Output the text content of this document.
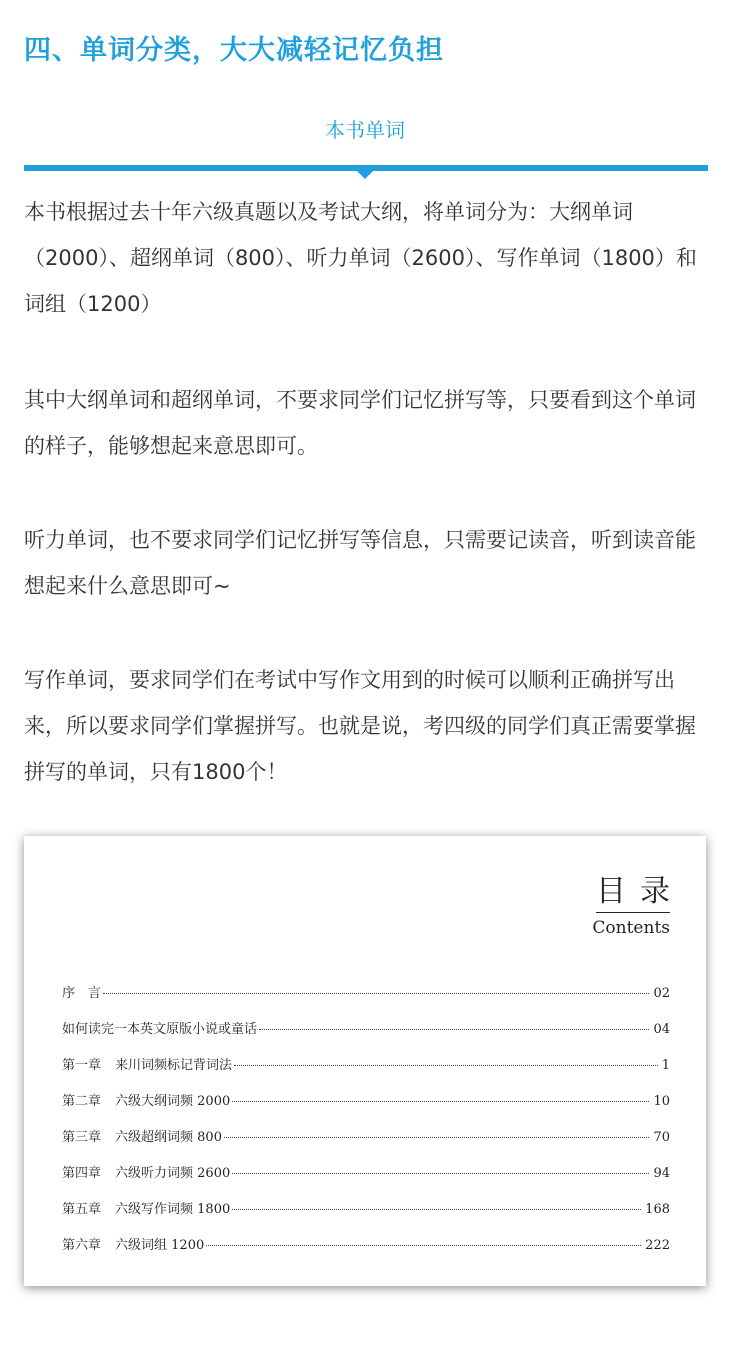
四、单词分类，大大减轻记忆负担
本书单词

本书根据过去十年六级真题以及考试大纲，将单词分为：大纲单词（2000）、超纲单词（800）、听力单词（2600）、写作单词（1800）和词组（1200）

其中大纲单词和超纲单词，不要求同学们记忆拼写等，只要看到这个单词的样子，能够想起来意思即可。

听力单词，也不要求同学们记忆拼写等信息，只需要记读音，听到读音能想起来什么意思即可~

写作单词，要求同学们在考试中写作文用到的时候可以顺利正确拼写出来，所以要求同学们掌握拼写。也就是说，考四级的同学们真正需要掌握拼写的单词，只有1800个！

目录
Contents
序　言	02
如何读完一本英文原版小说或童话	04
第一章 来川词频标记背词法	1
第二章 六级大纲词频 2000	10
第三章 六级超纲词频 800	70
第四章 六级听力词频 2600	94
第五章 六级写作词频 1800	168
第六章 六级词组 1200	222
